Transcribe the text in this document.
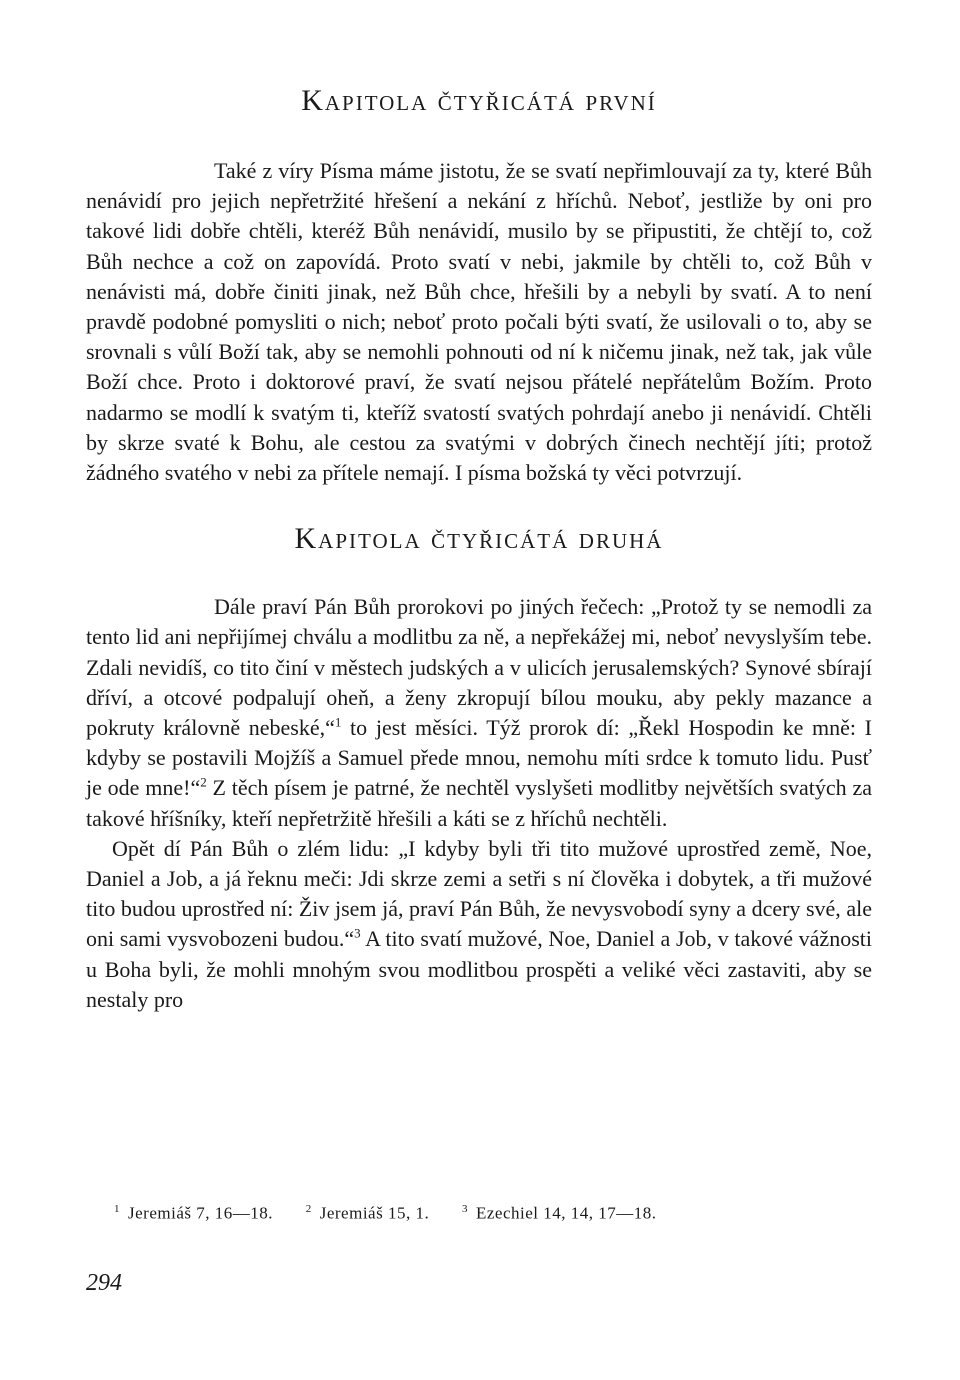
Kapitola čtyřicátá první

Také z víry Písma máme jistotu, že se svatí nepřimlouvají za ty, které Bůh nenávidí pro jejich nepřetržité hřešení a nekání z hříchů. Neboť, jestliže by oni pro takové lidi dobře chtěli, kteréž Bůh nenávidí, musilo by se připustiti, že chtějí to, což Bůh nechce a což on zapovídá. Proto svatí v nebi, jakmile by chtěli to, což Bůh v nenávisti má, dobře činiti jinak, než Bůh chce, hřešili by a nebyli by svatí. A to není pravdě podobné pomysliti o nich; neboť proto počali býti svatí, že usilovali o to, aby se srovnali s vůlí Boží tak, aby se nemohli pohnouti od ní k ničemu jinak, než tak, jak vůle Boží chce. Proto i doktorové praví, že svatí nejsou přátelé nepřátelům Božím. Proto nadarmo se modlí k svatým ti, kteříž svatostí svatých pohrdají anebo ji nenávidí. Chtěli by skrze svaté k Bohu, ale cestou za svatými v dobrých činech nechtějí jíti; protož žádného svatého v nebi za přítele nemají. I písma božská ty věci potvrzují.

Kapitola čtyřicátá druhá

Dále praví Pán Bůh prorokovi po jiných řečech: „Protož ty se nemodli za tento lid ani nepřijímej chválu a modlitbu za ně, a nepřekážej mi, neboť nevyslyším tebe. Zdali nevidíš, co tito činí v městech judských a v ulicích jerusalemských? Synové sbírají dříví, a otcové podpalují oheň, a ženy zkropují bílou mouku, aby pekly mazance a pokruty královně nebeské,“$^1$ to jest měsíci. Týž prorok dí: „Řekl Hospodin ke mně: I kdyby se postavili Mojžíš a Samuel přede mnou, nemohu míti srdce k tomuto lidu. Pusť je ode mne!“$^2$ Z těch písem je patrné, že nechtěl vyslyšeti modlitby největších svatých za takové hříšníky, kteří nepřetržitě hřešili a káti se z hříchů nechtěli.

Opět dí Pán Bůh o zlém lidu: „I kdyby byli tři tito mužové uprostřed země, Noe, Daniel a Job, a já řeknu meči: Jdi skrze zemi a setři s ní člověka i dobytek, a tři mužové tito budou uprostřed ní: Živ jsem já, praví Pán Bůh, že nevysvobodí syny a dcery své, ale oni sami vysvobozeni budou.“$^3$ A tito svatí mužové, Noe, Daniel a Job, v takové vážnosti u Boha byli, že mohli mnohým svou modlitbou prospěti a veliké věci zastaviti, aby se nestaly pro

$^1$ Jeremiáš 7, 16—18.	$^2$ Jeremiáš 15, 1.	$^3$ Ezechiel 14, 14, 17—18.
294
